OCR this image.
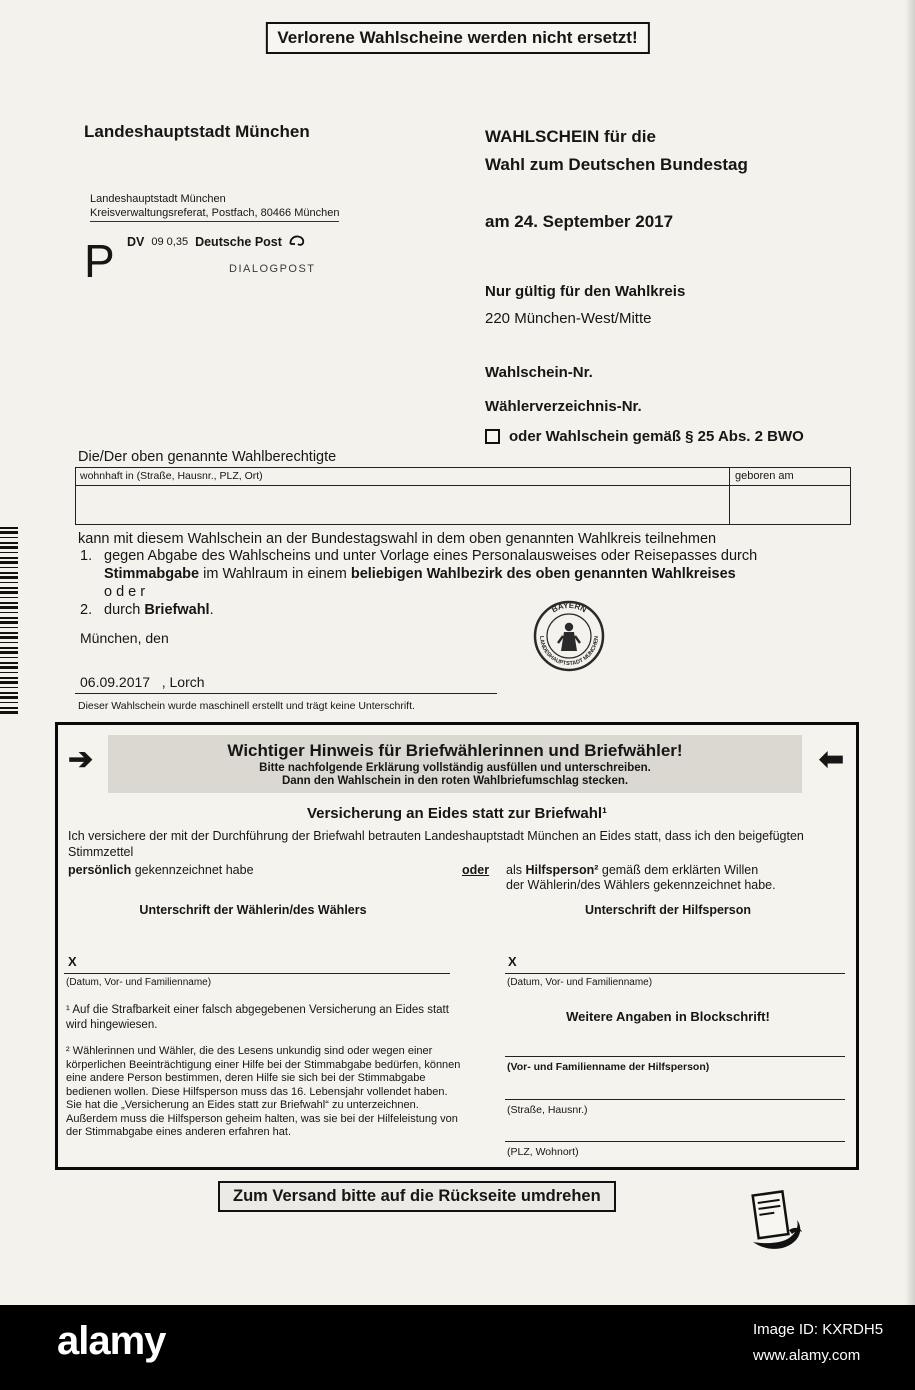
Verlorene Wahlscheine werden nicht ersetzt!
Landeshauptstadt München
Landeshauptstadt München
Kreisverwaltungsreferat, Postfach, 80466 München
DV 09 0,35 Deutsche Post
P	DIALOGPOST
WAHLSCHEIN für die
Wahl zum Deutschen Bundestag
am 24. September 2017
Nur gültig für den Wahlkreis
220 München-West/Mitte
Wahlschein-Nr.
Wählerverzeichnis-Nr.
oder Wahlschein gemäß § 25 Abs. 2 BWO
Die/Der oben genannte Wahlberechtigte
wohnhaft in (Straße, Hausnr., PLZ, Ort)	geboren am
kann mit diesem Wahlschein an der Bundestagswahl in dem oben genannten Wahlkreis teilnehmen
1. gegen Abgabe des Wahlscheins und unter Vorlage eines Personalausweises oder Reisepasses durch
Stimmabgabe im Wahlraum in einem beliebigen Wahlbezirk des oben genannten Wahlkreises
o d e r
2. durch Briefwahl.
München, den
BAYERN
LANDESHAUPTSTADT MÜNCHEN
06.09.2017   , Lorch
Dieser Wahlschein wurde maschinell erstellt und trägt keine Unterschrift.
➔	⬅
Wichtiger Hinweis für Briefwählerinnen und Briefwähler!
Bitte nachfolgende Erklärung vollständig ausfüllen und unterschreiben.
Dann den Wahlschein in den roten Wahlbriefumschlag stecken.
Versicherung an Eides statt zur Briefwahl¹
Ich versichere der mit der Durchführung der Briefwahl betrauten Landeshauptstadt München an Eides statt, dass ich den beigefügten Stimmzettel
persönlich gekennzeichnet habe	oder als Hilfsperson² gemäß dem erklärten Willen
der Wählerin/des Wählers gekennzeichnet habe.
Unterschrift der Wählerin/des Wählers	Unterschrift der Hilfsperson
X
(Datum, Vor- und Familienname)
X
(Datum, Vor- und Familienname)
¹ Auf die Strafbarkeit einer falsch abgegebenen Versicherung an Eides statt wird hingewiesen.
² Wählerinnen und Wähler, die des Lesens unkundig sind oder wegen einer körperlichen Beeinträchtigung einer Hilfe bei der Stimmabgabe bedürfen, können eine andere Person bestimmen, deren Hilfe sie sich bei der Stimmabgabe bedienen wollen. Diese Hilfsperson muss das 16. Lebensjahr vollendet haben. Sie hat die „Versicherung an Eides statt zur Briefwahl“ zu unterzeichnen. Außerdem muss die Hilfsperson geheim halten, was sie bei der Hilfeleistung von der Stimmabgabe eines anderen erfahren hat.
Weitere Angaben in Blockschrift!
(Vor- und Familienname der Hilfsperson)
(Straße, Hausnr.)
(PLZ, Wohnort)
Zum Versand bitte auf die Rückseite umdrehen
alamy	Image ID: KXRDH5
www.alamy.com
